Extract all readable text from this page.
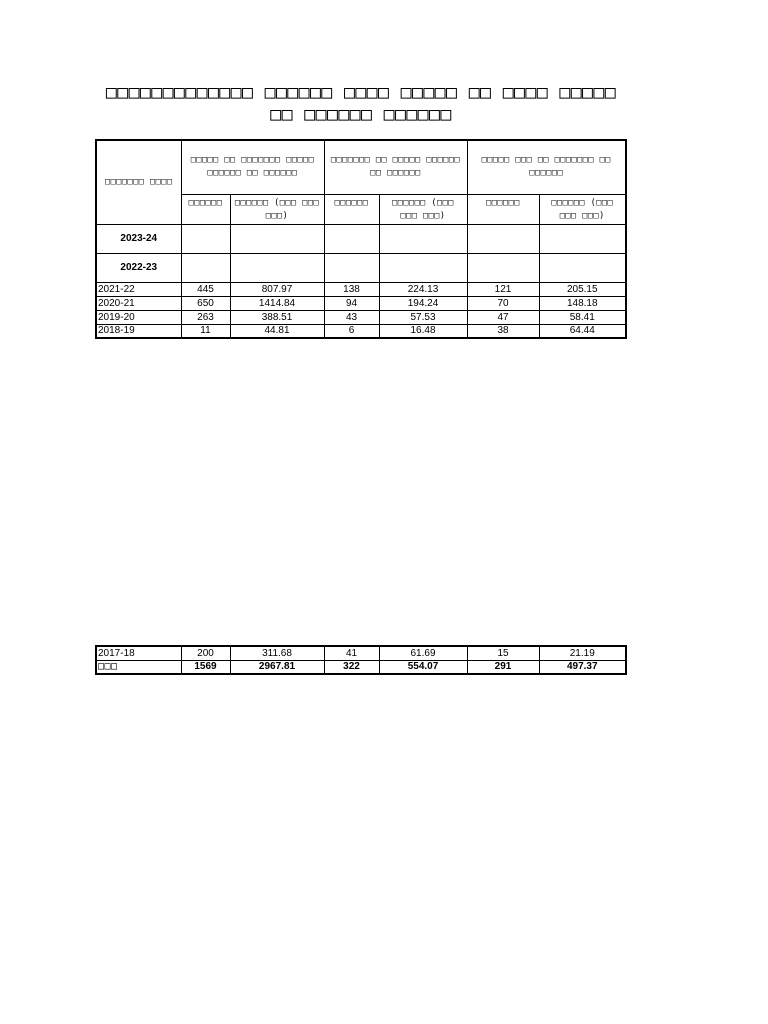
□□□□□□□□□□□□□ □□□□□□ □□□□ □□□□□ □□ □□□□ □□□□□ □□ □□□□□□ □□□□□□
□□□□□□□ □□□□	□□□□□ □□ □□□□□□□ □□□□□ □□□□□□ □□ □□□□□□		□□□□□□□ □□ □□□□□ □□□□□□ □□ □□□□□□		□□□□□ □□□ □□ □□□□□□□ □□ □□□□□□	
	□□□□□□	□□□□□□ (□□□ □□□ □□□)	□□□□□□	□□□□□□ (□□□ □□□ □□□)	□□□□□□	□□□□□□ (□□□ □□□ □□□)
2023-24						
2022-23						
2021-22	445	807.97	138	224.13	121	205.15
2020-21	650	1414.84	94	194.24	70	148.18
2019-20	263	388.51	43	57.53	47	58.41
2018-19	11	44.81	6	16.48	38	64.44
2017-18	200	311.68	41	61.69	15	21.19
□□□	1569	2967.81	322	554.07	291	497.37
